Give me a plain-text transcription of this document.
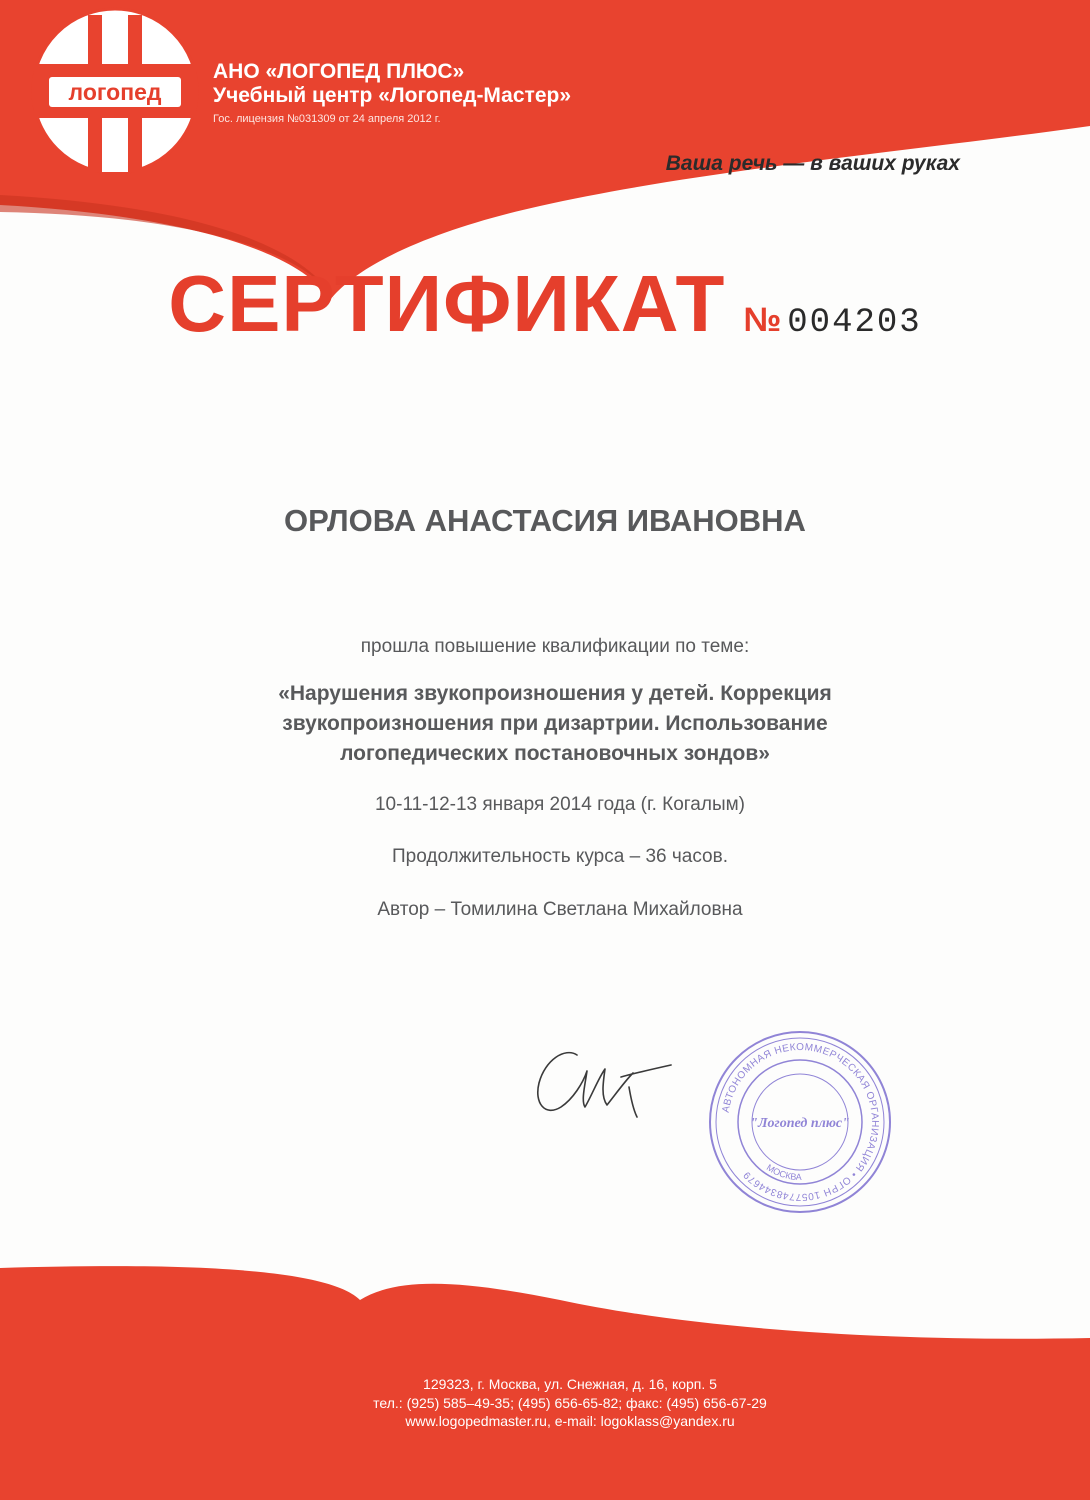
логопед
АНО «ЛОГОПЕД ПЛЮС»
Учебный центр «Логопед-Мастер»
Гос. лицензия №031309 от 24 апреля 2012 г.
Ваша речь — в ваших руках
СЕРТИФИКАТ № 004203
ОРЛОВА АНАСТАСИЯ ИВАНОВНА
прошла повышение квалификации по теме:
«Нарушения звукопроизношения у детей. Коррекция
звукопроизношения при дизартрии. Использование
логопедических постановочных зондов»
10-11-12-13 января 2014 года (г. Когалым)
Продолжительность курса – 36 часов.
Автор – Томилина Светлана Михайловна
АВТОНОМНАЯ НЕКОММЕРЧЕСКАЯ ОРГАНИЗАЦИЯ • ОГРН 1057748344679
МОСКВА
"Логопед плюс"
129323, г. Москва, ул. Снежная, д. 16, корп. 5
тел.: (925) 585–49-35; (495) 656-65-82; факс: (495) 656-67-29
www.logopedmaster.ru, e-mail: logoklass@yandex.ru
